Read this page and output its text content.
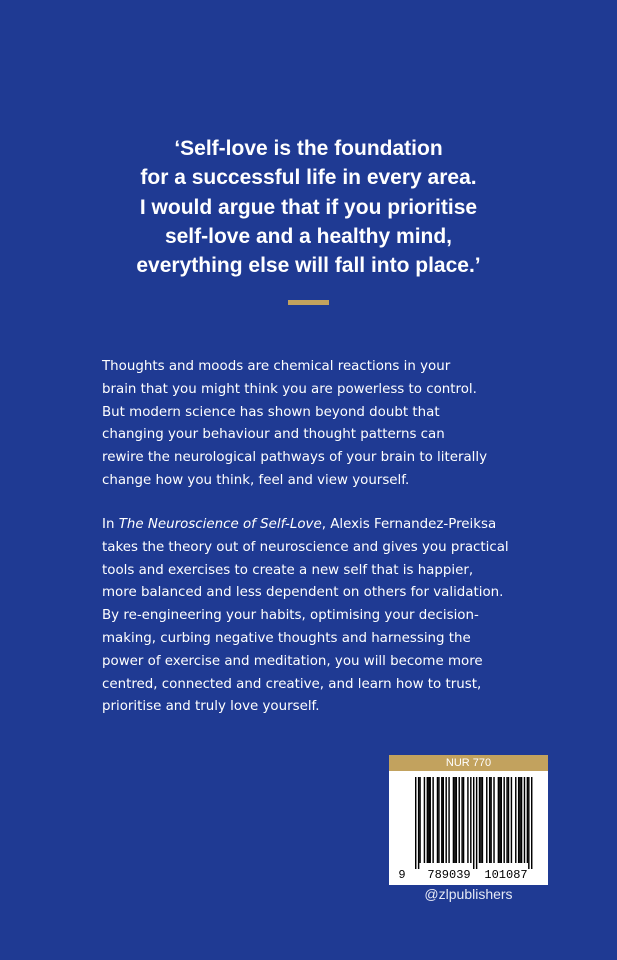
‘Self-love is the foundation
for a successful life in every area.
I would argue that if you prioritise
self-love and a healthy mind,
everything else will fall into place.’
Thoughts and moods are chemical reactions in your
brain that you might think you are powerless to control.
But modern science has shown beyond doubt that
changing your behaviour and thought patterns can
rewire the neurological pathways of your brain to literally
change how you think, feel and view yourself.
In The Neuroscience of Self-Love, Alexis Fernandez-Preiksa
takes the theory out of neuroscience and gives you practical
tools and exercises to create a new self that is happier,
more balanced and less dependent on others for validation.
By re-engineering your habits, optimising your decision-
making, curbing negative thoughts and harnessing the
power of exercise and meditation, you will become more
centred, connected and creative, and learn how to trust,
prioritise and truly love yourself.
NUR 770
9 789039 101087
@zlpublishers
